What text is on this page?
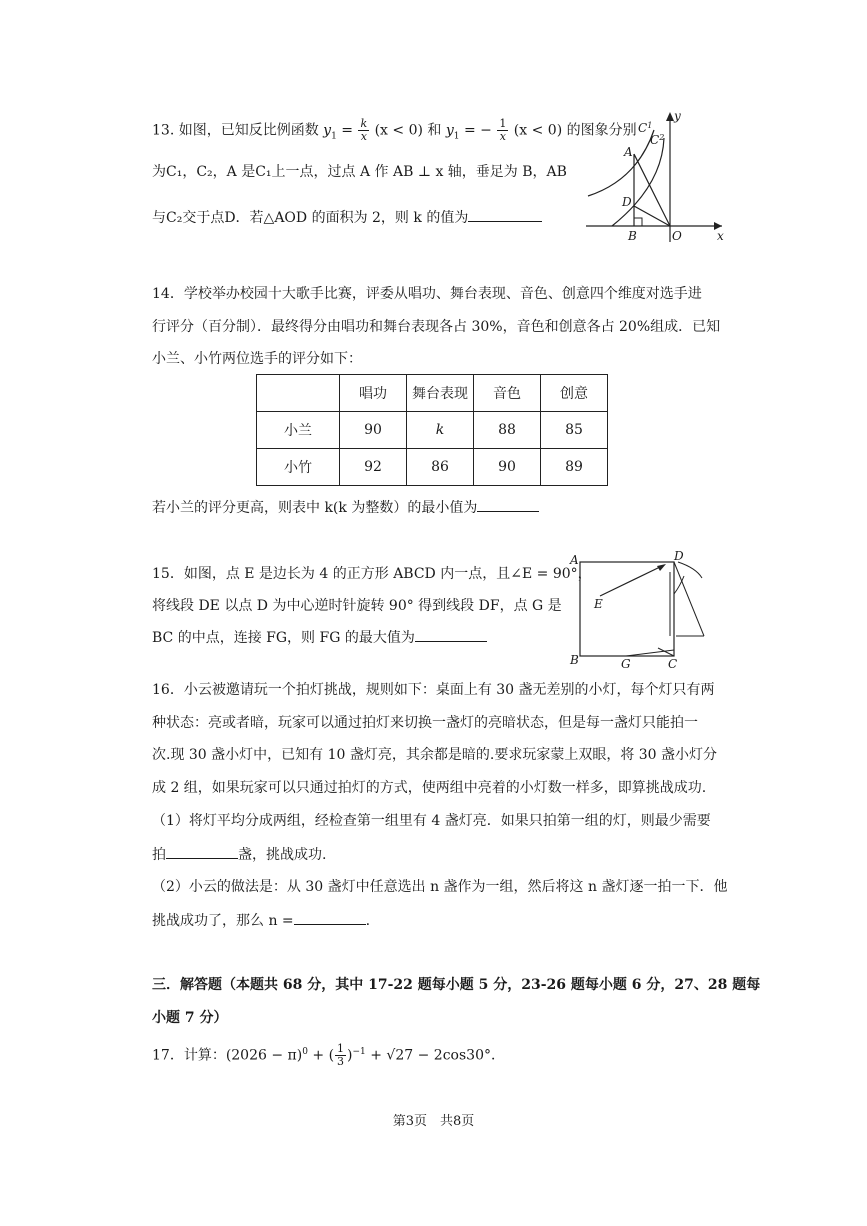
13. 如图，已知反比例函数 $y_1 = \frac{k}{x} (x < 0)$ 和 $y_1$ = − $\frac{1}{x} (x < 0)$ 的图象分别
为C₁，C₂，A 是C₁上一点，过点 A 作 AB ⊥ x 轴，垂足为 B，AB
与C₂交于点D．若△AOD 的面积为 2，则 k 的值为
y
x
O
A
B
D
$C^1$
$C^2$
14．学校举办校园十大歌手比赛，评委从唱功、舞台表现、音色、创意四个维度对选手进
行评分（百分制）．最终得分由唱功和舞台表现各占 30%，音色和创意各占 20%组成．已知
小兰、小竹两位选手的评分如下：
	唱功	舞台表现	音色	创意
小兰	90	k	88	85
小竹	92	86	90	89
若小兰的评分更高，则表中 k(k 为整数）的最小值为
15．如图，点 E 是边长为 4 的正方形 ABCD 内一点，且∠E = 90°，
将线段 DE 以点 D 为中心逆时针旋转 90° 得到线段 DF，点 G 是
BC 的中点，连接 FG，则 FG 的最大值为
A
B	C
D
E
G
16．小云被邀请玩一个拍灯挑战，规则如下：桌面上有 30 盏无差别的小灯，每个灯只有两
种状态：亮或者暗，玩家可以通过拍灯来切换一盏灯的亮暗状态，但是每一盏灯只能拍一
次.现 30 盏小灯中，已知有 10 盏灯亮，其余都是暗的.要求玩家蒙上双眼，将 30 盏小灯分
成 2 组，如果玩家可以只通过拍灯的方式，使两组中亮着的小灯数一样多，即算挑战成功.
（1）将灯平均分成两组，经检查第一组里有 4 盏灯亮．如果只拍第一组的灯，则最少需要
拍	盏，挑战成功.
（2）小云的做法是：从 30 盏灯中任意选出 n 盏作为一组，然后将这 n 盏灯逐一拍一下．他
挑战成功了，那么 n =	.
三．解答题（本题共 68 分，其中 17-22 题每小题 5 分，23-26 题每小题 6 分，27、28 题每
小题 7 分）
17．计算：$(2026 - \pi)^0$ + ( $\frac{1}{3} )^{-1} + √27 - 2\cos 30^\circ$．
第3页　共8页
